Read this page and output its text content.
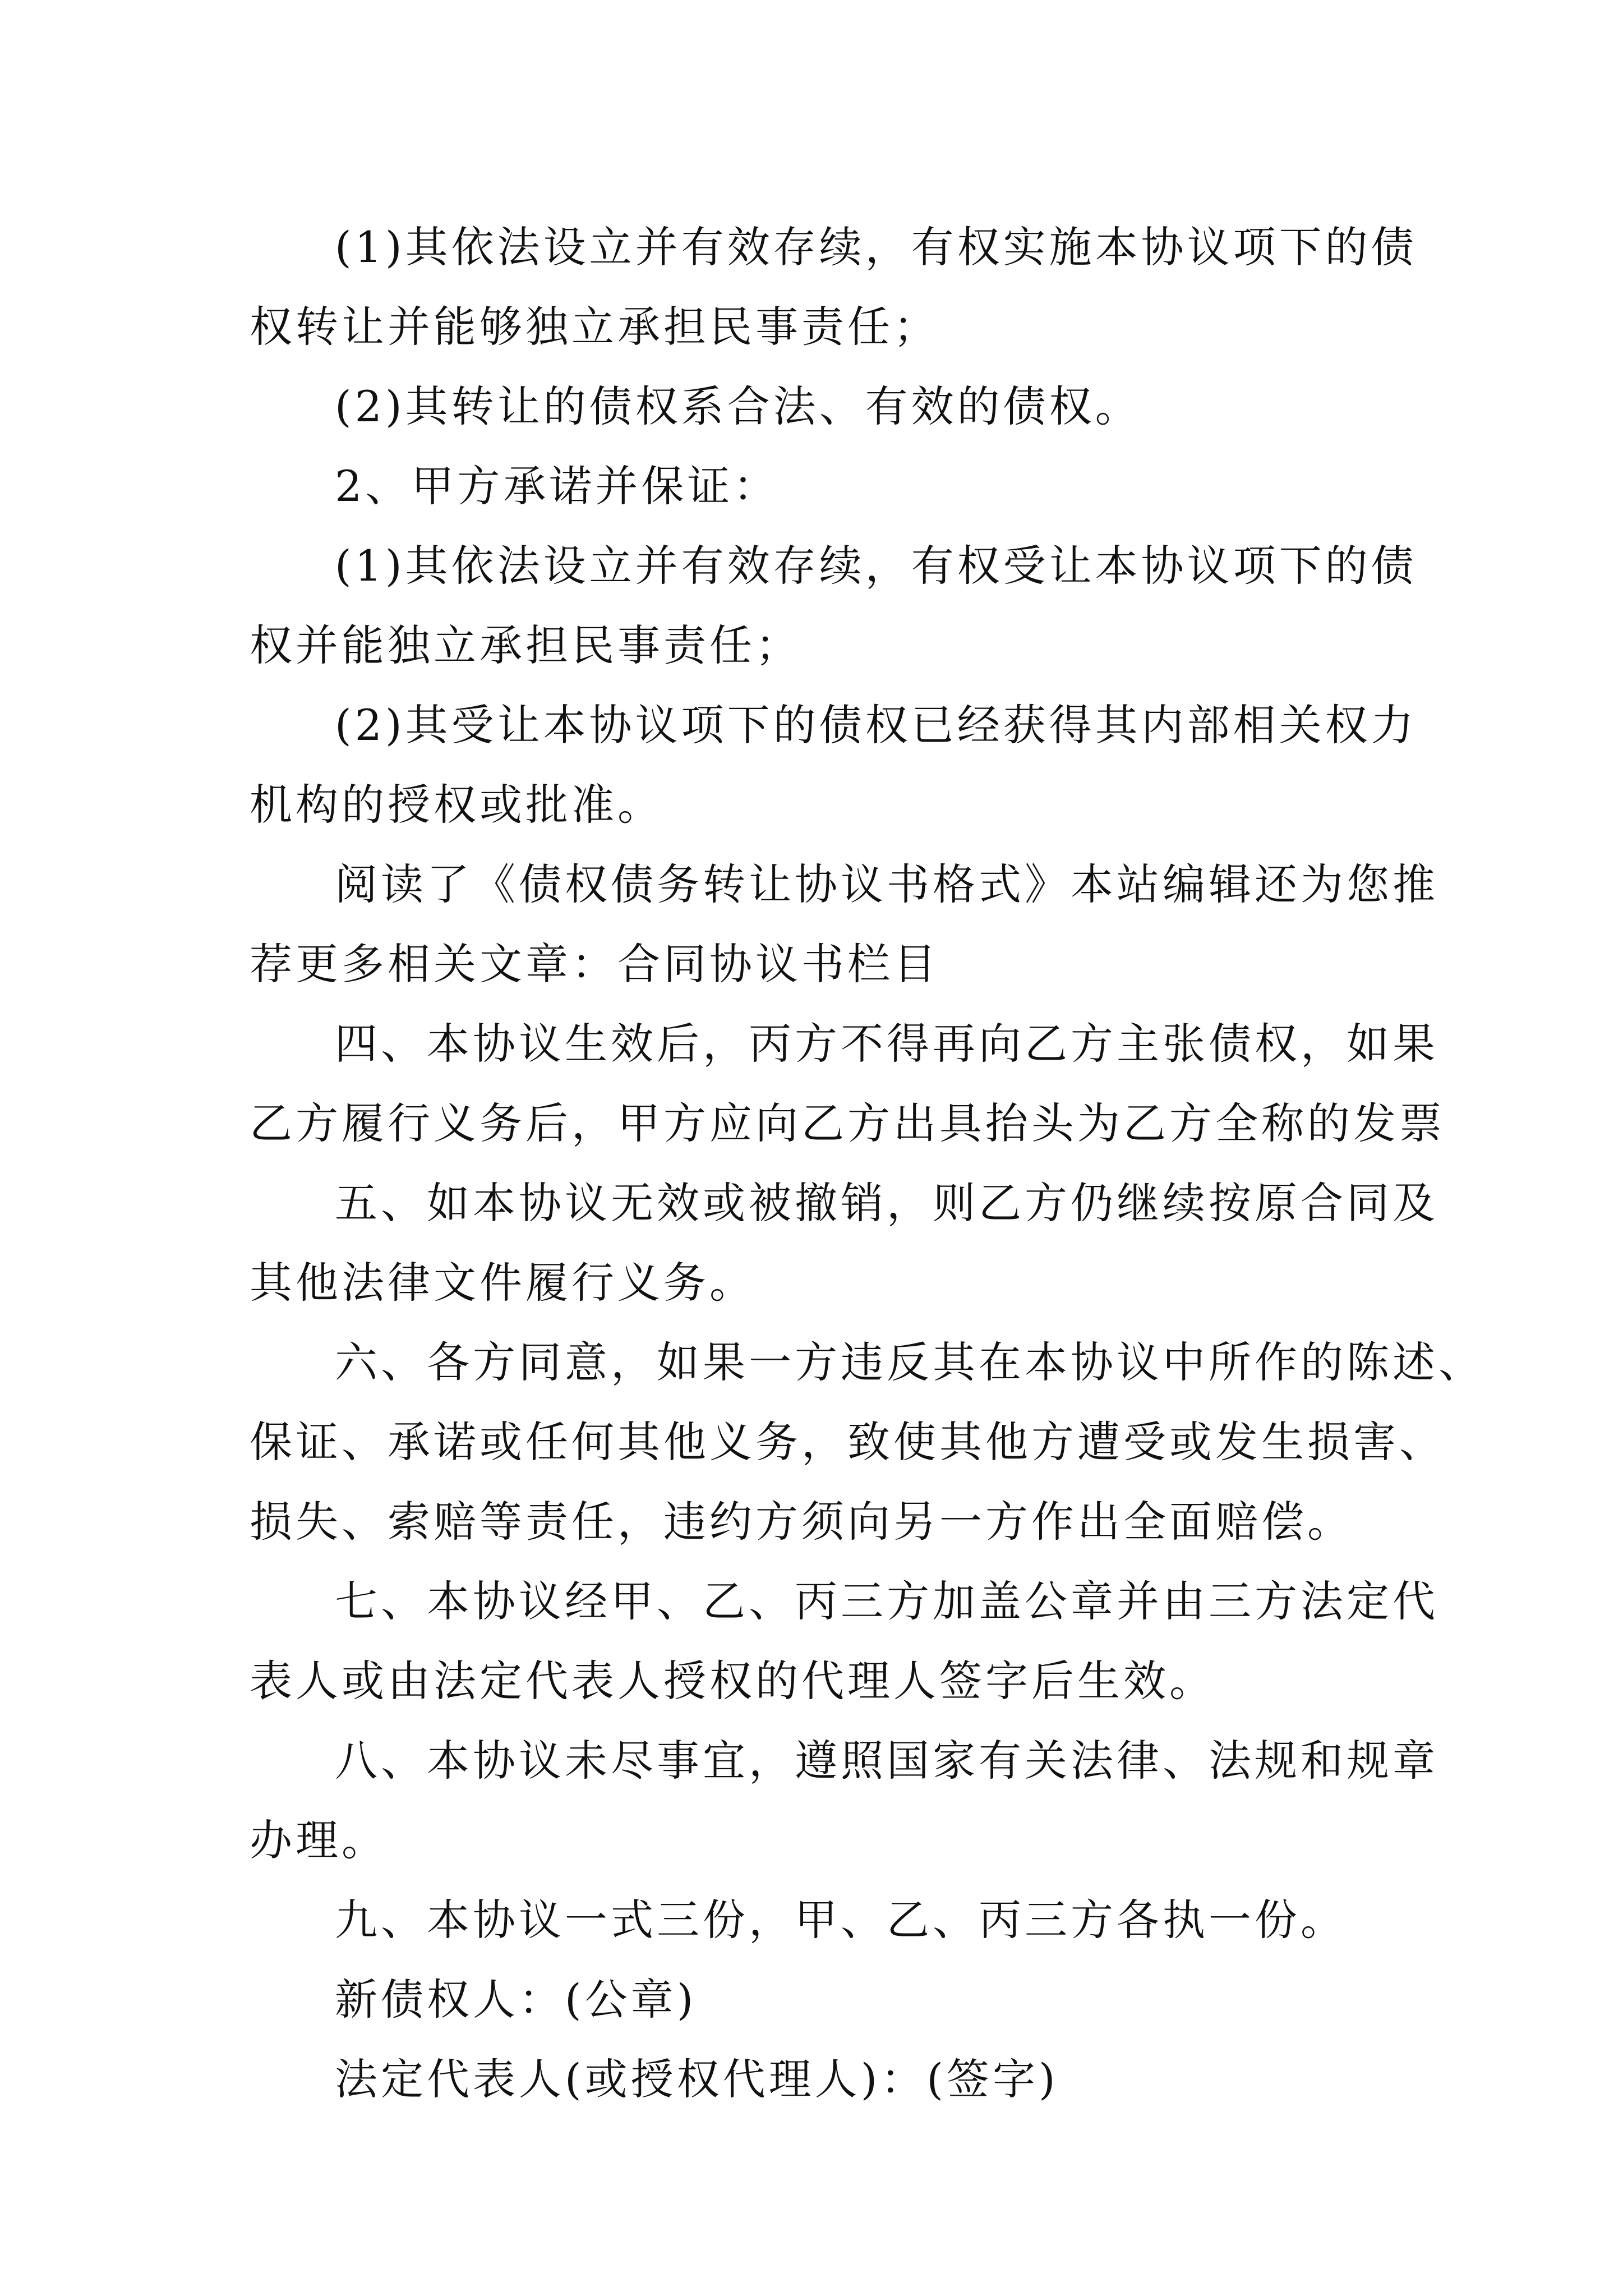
(1)其依法设立并有效存续，有权实施本协议项下的债
权转让并能够独立承担民事责任；
(2)其转让的债权系合法、有效的债权。
2、甲方承诺并保证：
(1)其依法设立并有效存续，有权受让本协议项下的债
权并能独立承担民事责任；
(2)其受让本协议项下的债权已经获得其内部相关权力
机构的授权或批准。
阅读了《债权债务转让协议书格式》本站编辑还为您推
荐更多相关文章：合同协议书栏目
四、本协议生效后，丙方不得再向乙方主张债权，如果
乙方履行义务后，甲方应向乙方出具抬头为乙方全称的发票
五、如本协议无效或被撤销，则乙方仍继续按原合同及
其他法律文件履行义务。
六、各方同意，如果一方违反其在本协议中所作的陈述、
保证、承诺或任何其他义务，致使其他方遭受或发生损害、
损失、索赔等责任，违约方须向另一方作出全面赔偿。
七、本协议经甲、乙、丙三方加盖公章并由三方法定代
表人或由法定代表人授权的代理人签字后生效。
八、本协议未尽事宜，遵照国家有关法律、法规和规章
办理。
九、本协议一式三份，甲、乙、丙三方各执一份。
新债权人：(公章)
法定代表人(或授权代理人)：(签字)
